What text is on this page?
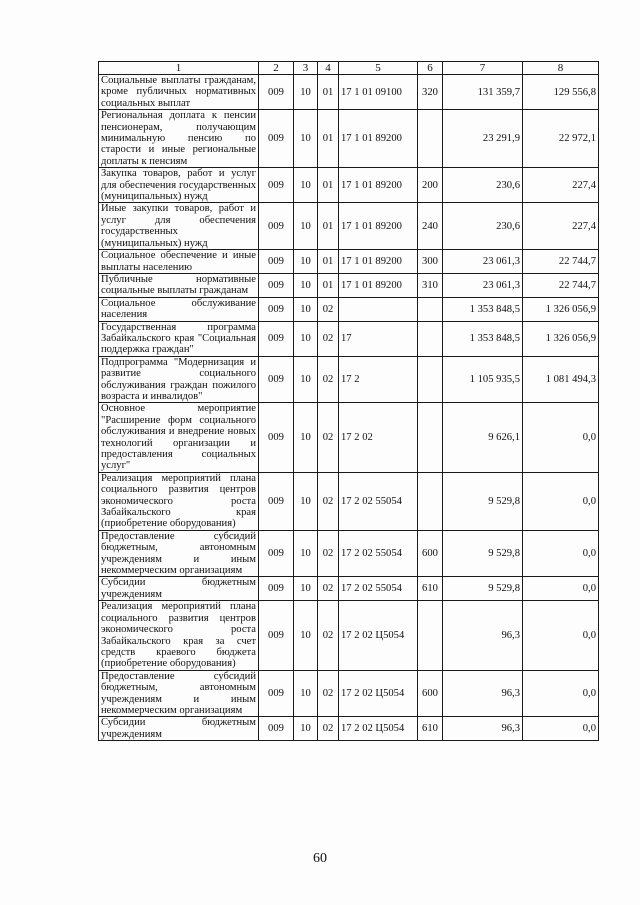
1	2	3	4	5	6	7	8
Социальные выплаты гражданам, кроме публичных нормативных социальных выплат	009	10	01	17 1 01 09100	320	131 359,7	129 556,8
Региональная доплата к пенсии пенсионерам, получающим минимальную пенсию по старости и иные региональные доплаты к пенсиям	009	10	01	17 1 01 89200		23 291,9	22 972,1
Закупка товаров, работ и услуг для обеспечения государственных (муниципальных) нужд	009	10	01	17 1 01 89200	200	230,6	227,4
Иные закупки товаров, работ и услуг для обеспечения государственных (муниципальных) нужд	009	10	01	17 1 01 89200	240	230,6	227,4
Социальное обеспечение и иные выплаты населению	009	10	01	17 1 01 89200	300	23 061,3	22 744,7
Публичные нормативные социальные выплаты гражданам	009	10	01	17 1 01 89200	310	23 061,3	22 744,7
Социальное обслуживание населения	009	10	02			1 353 848,5	1 326 056,9
Государственная программа Забайкальского края "Социальная поддержка граждан"	009	10	02	17		1 353 848,5	1 326 056,9
Подпрограмма "Модернизация и развитие социального обслуживания граждан пожилого возраста и инвалидов"	009	10	02	17 2		1 105 935,5	1 081 494,3
Основное мероприятие "Расширение форм социального обслуживания и внедрение новых технологий организации и предоставления социальных услуг"	009	10	02	17 2 02		9 626,1	0,0
Реализация мероприятий плана социального развития центров экономического роста Забайкальского края (приобретение оборудования)	009	10	02	17 2 02 55054		9 529,8	0,0
Предоставление субсидий бюджетным, автономным учреждениям и иным некоммерческим организациям	009	10	02	17 2 02 55054	600	9 529,8	0,0
Субсидии бюджетным учреждениям	009	10	02	17 2 02 55054	610	9 529,8	0,0
Реализация мероприятий плана социального развития центров экономического роста Забайкальского края за счет средств краевого бюджета (приобретение оборудования)	009	10	02	17 2 02 Ц5054		96,3	0,0
Предоставление субсидий бюджетным, автономным учреждениям и иным некоммерческим организациям	009	10	02	17 2 02 Ц5054	600	96,3	0,0
Субсидии бюджетным учреждениям	009	10	02	17 2 02 Ц5054	610	96,3	0,0
60
